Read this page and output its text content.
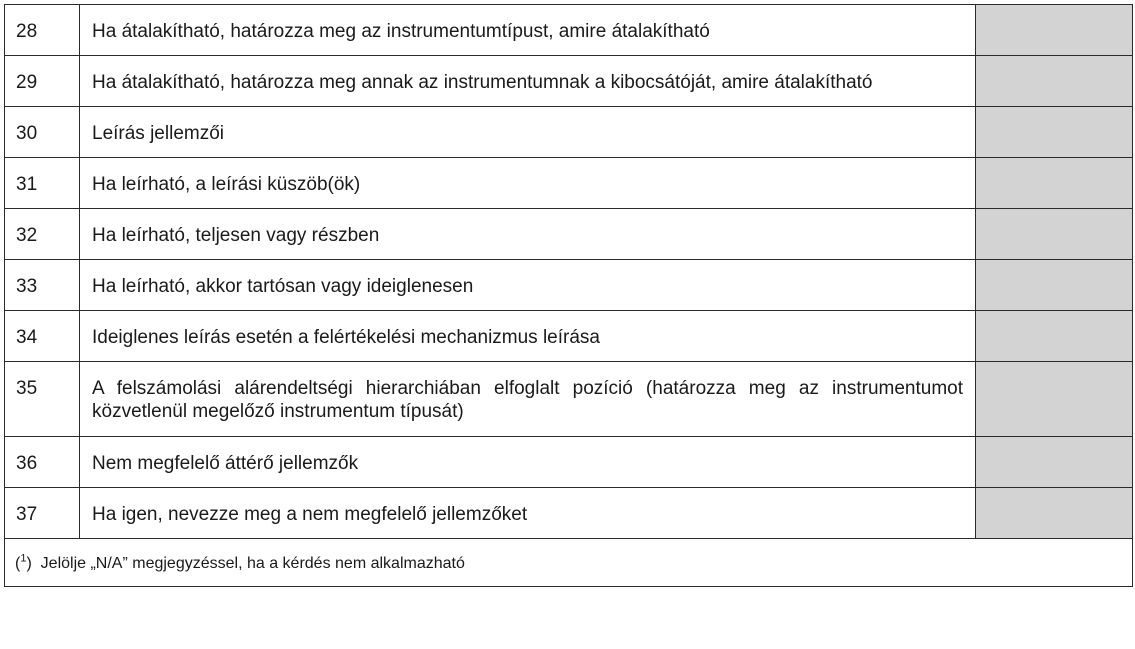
28	Ha átalakítható, határozza meg az instrumentumtípust, amire átalakítható	
29	Ha átalakítható, határozza meg annak az instrumentumnak a kibocsátóját, amire átalakítható	
30	Leírás jellemzői	
31	Ha leírható, a leírási küszöb(ök)	
32	Ha leírható, teljesen vagy részben	
33	Ha leírható, akkor tartósan vagy ideiglenesen	
34	Ideiglenes leírás esetén a felértékelési mechanizmus leírása	
35	A felszámolási alárendeltségi hierarchiában elfoglalt pozíció (határozza meg az instrumentumot közvetlenül megelőző instrumentum típusát)	
36	Nem megfelelő áttérő jellemzők	
37	Ha igen, nevezze meg a nem megfelelő jellemzőket	
($^1$) Jelölje „N/A” megjegyzéssel, ha a kérdés nem alkalmazható		
